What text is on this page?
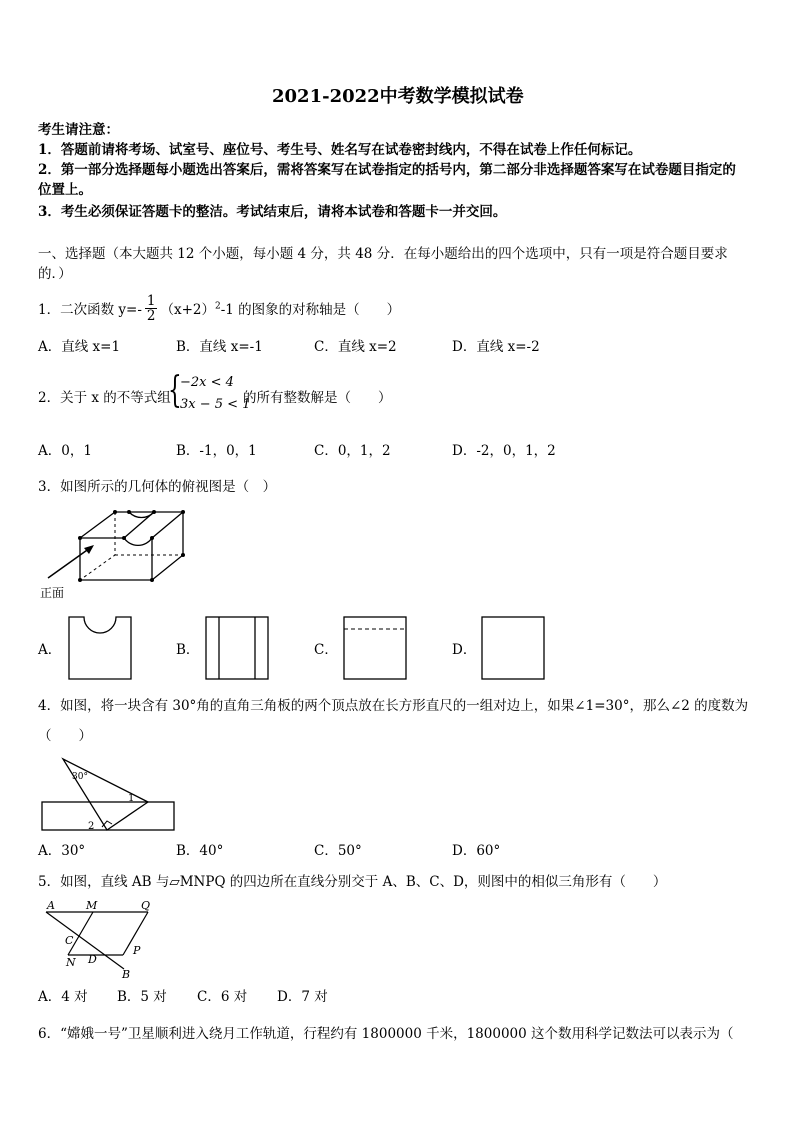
2021-2022中考数学模拟试卷
考生请注意：
1．答题前请将考场、试室号、座位号、考生号、姓名写在试卷密封线内，不得在试卷上作任何标记。
2．第一部分选择题每小题选出答案后，需将答案写在试卷指定的括号内，第二部分非选择题答案写在试卷题目指定的
位置上。
3．考生必须保证答题卡的整洁。考试结束后，请将本试卷和答题卡一并交回。
一、选择题（本大题共 12 个小题，每小题 4 分，共 48 分．在每小题给出的四个选项中，只有一项是符合题目要求
的．）
1．二次函数 $y=- \frac{1}{2} (x+2)^2-1$ 的图象的对称轴是（　　）
A．直线 x=1	B．直线 x=-1	C．直线 x=2	D．直线 x=-2
2．关于 x 的不等式组
{
−2x < 4
3x − 5 < 1
的所有整数解是（　　）
A．0，1	B．-1，0，1	C．0，1，2	D．-2，0，1，2
3．如图所示的几何体的俯视图是（　）
正面
A．	B．	C．	D．
4．如图，将一块含有 30°角的直角三角板的两个顶点放在长方形直尺的一组对边上，如果∠1=30°，那么∠2 的度数为
（　　）
30°
1
2
A．30°	B．40°	C．50°	D．60°
5．如图，直线 AB 与▱MNPQ 的四边所在直线分别交于 A、B、C、D，则图中的相似三角形有（　　）
A	M	Q
C
P
N D
B
A．4 对 B．5 对 C．6 对 D．7 对
6．“嫦娥一号”卫星顺利进入绕月工作轨道，行程约有 1800000 千米，1800000 这个数用科学记数法可以表示为（
